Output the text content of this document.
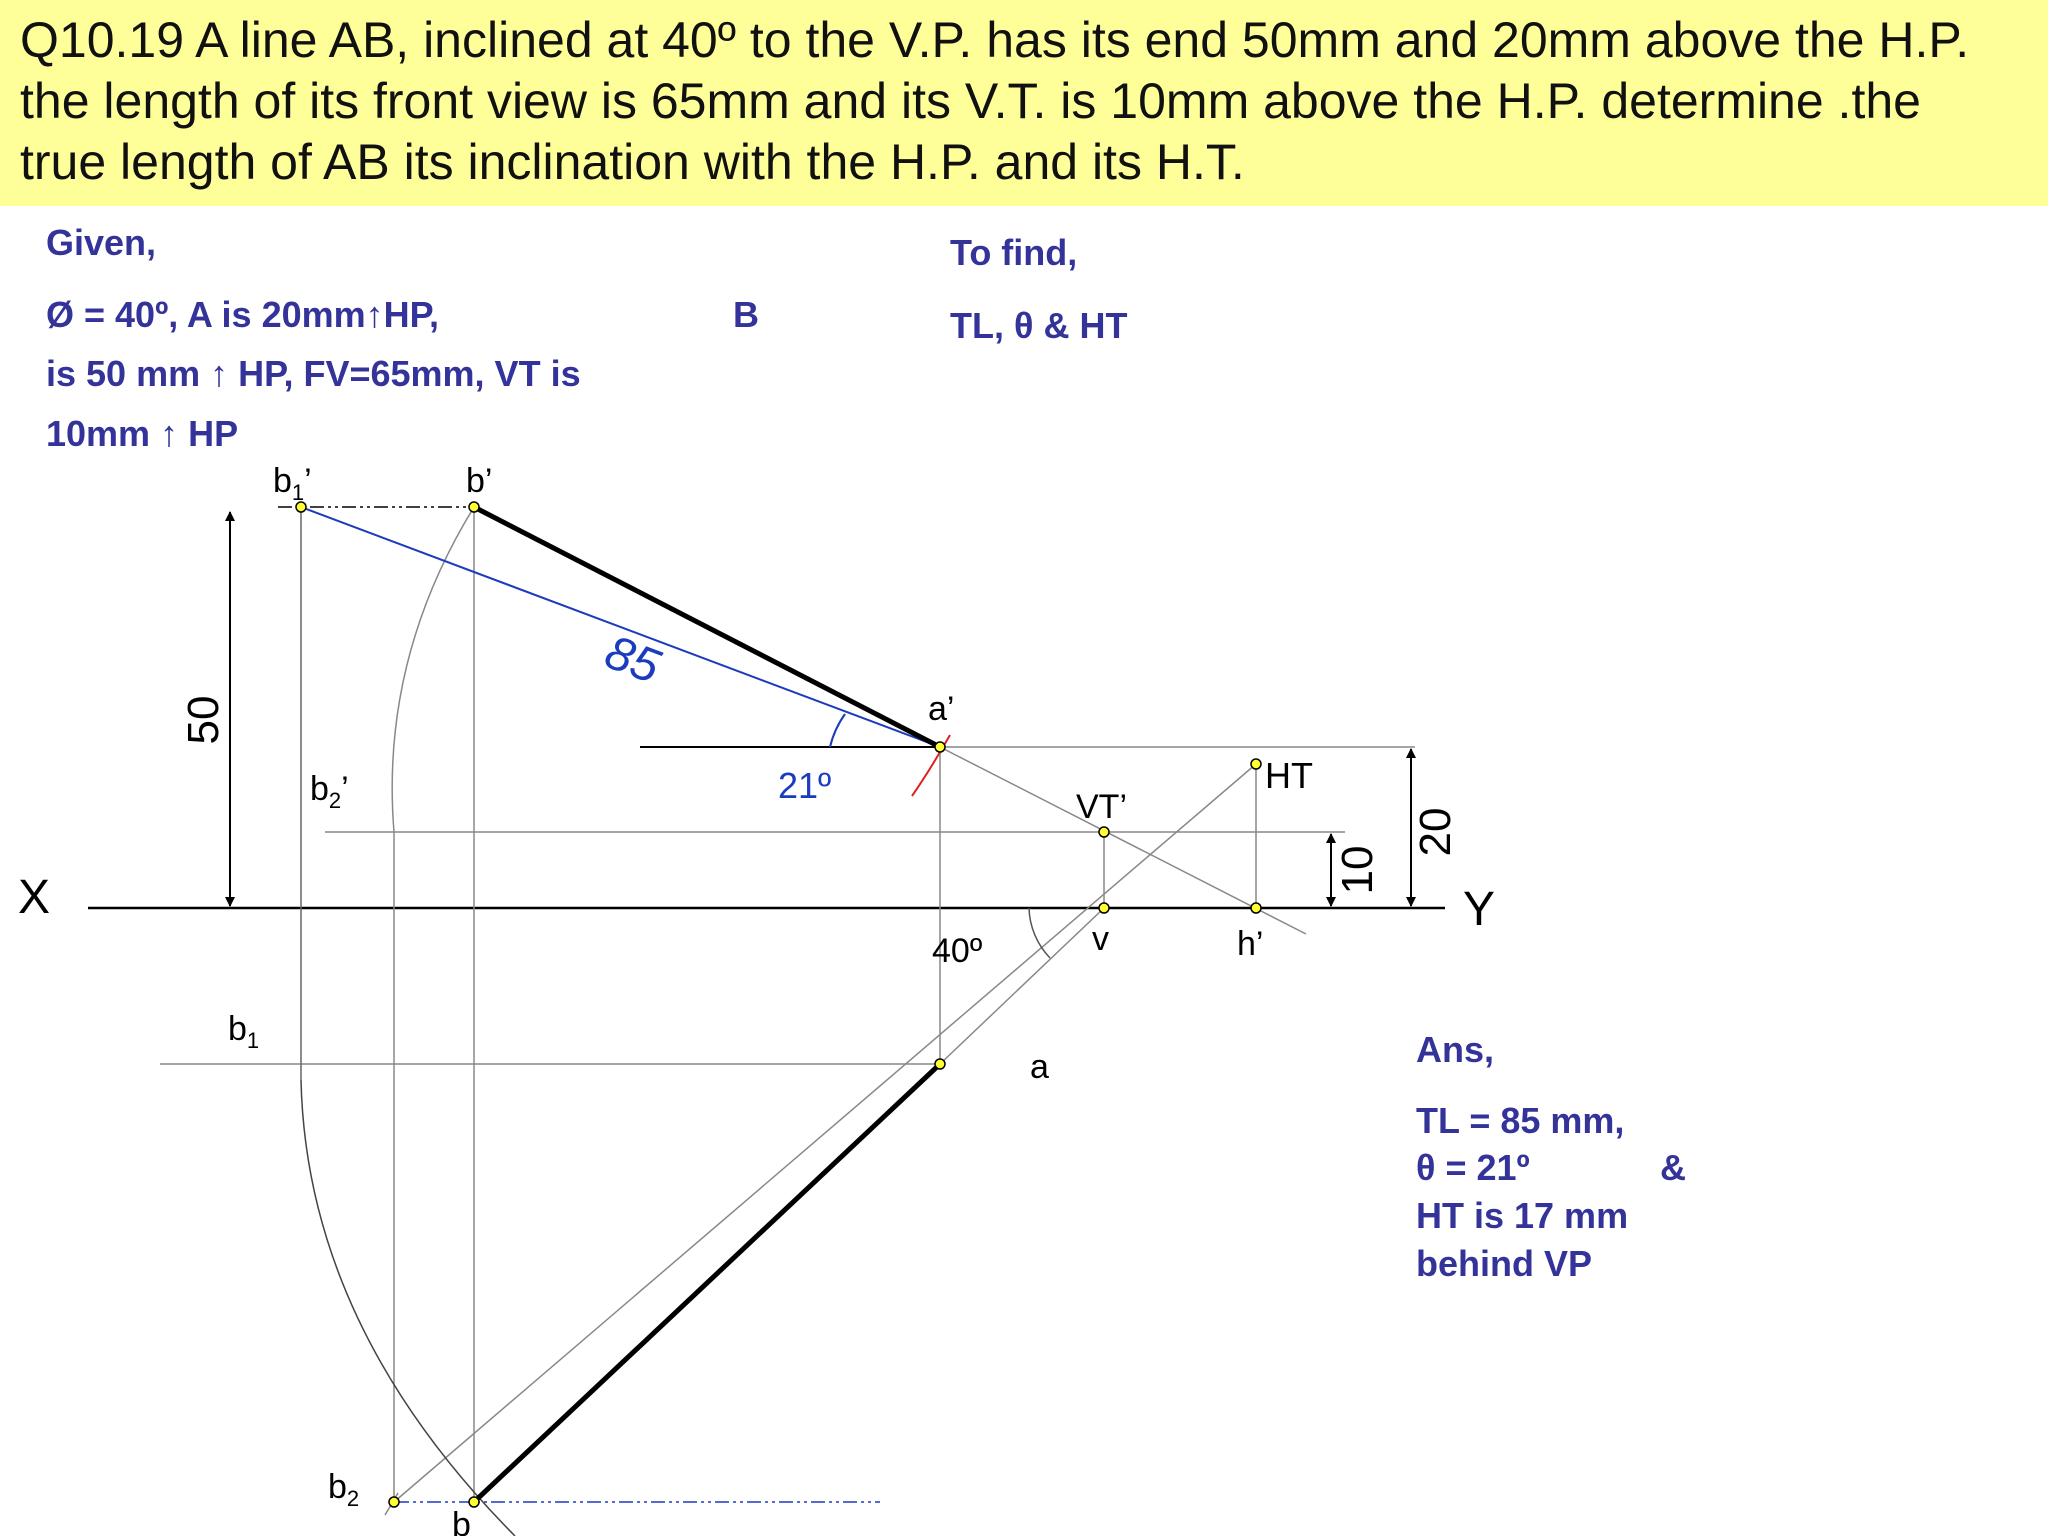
Q10.19 A line AB, inclined at 40º to the V.P. has its end 50mm and 20mm above the H.P.
the length of its front view is 65mm and its V.T. is 10mm above the H.P. determine .the
true length of AB its inclination with the H.P. and its H.T.
Given,
Ø = 40º, A is 20mm↑HP,	B
is 50 mm ↑ HP, FV=65mm, VT is
10mm ↑ HP
To find,
TL, θ & HT
Ans,
TL = 85 mm,
θ = 21º	&
HT is 17 mm
behind VP
X	Y
$b_1$’	b’
a’
$b_2$’	VT’
v
HT
h’
$b_1$
a
$b_2$
b
85
21º
40º
50
20
10
